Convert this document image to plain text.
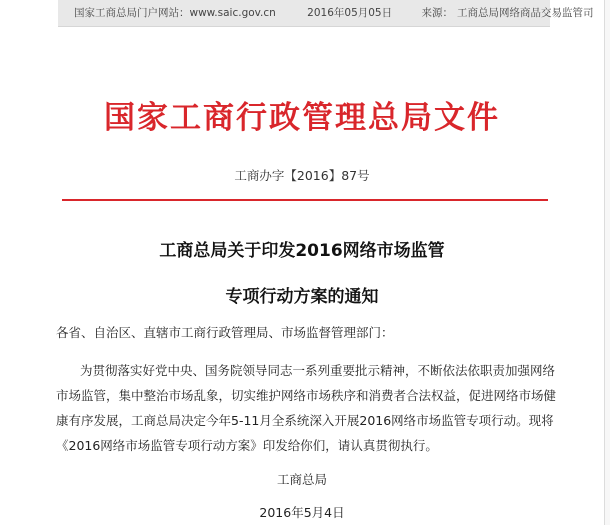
国家工商总局门户网站：www.saic.gov.cn	2016年05月05日	来源： 工商总局网络商品交易监管司
国家工商行政管理总局文件
工商办字【2016】87号
工商总局关于印发2016网络市场监管
专项行动方案的通知
各省、自治区、直辖市工商行政管理局、市场监督管理部门：
为贯彻落实好党中央、国务院领导同志一系列重要批示精神，不断依法依职责加强网络
市场监管，集中整治市场乱象，切实维护网络市场秩序和消费者合法权益，促进网络市场健
康有序发展，工商总局决定今年5-11月全系统深入开展2016网络市场监管专项行动。现将
《2016网络市场监管专项行动方案》印发给你们，请认真贯彻执行。
工商总局
2016年5月4日
